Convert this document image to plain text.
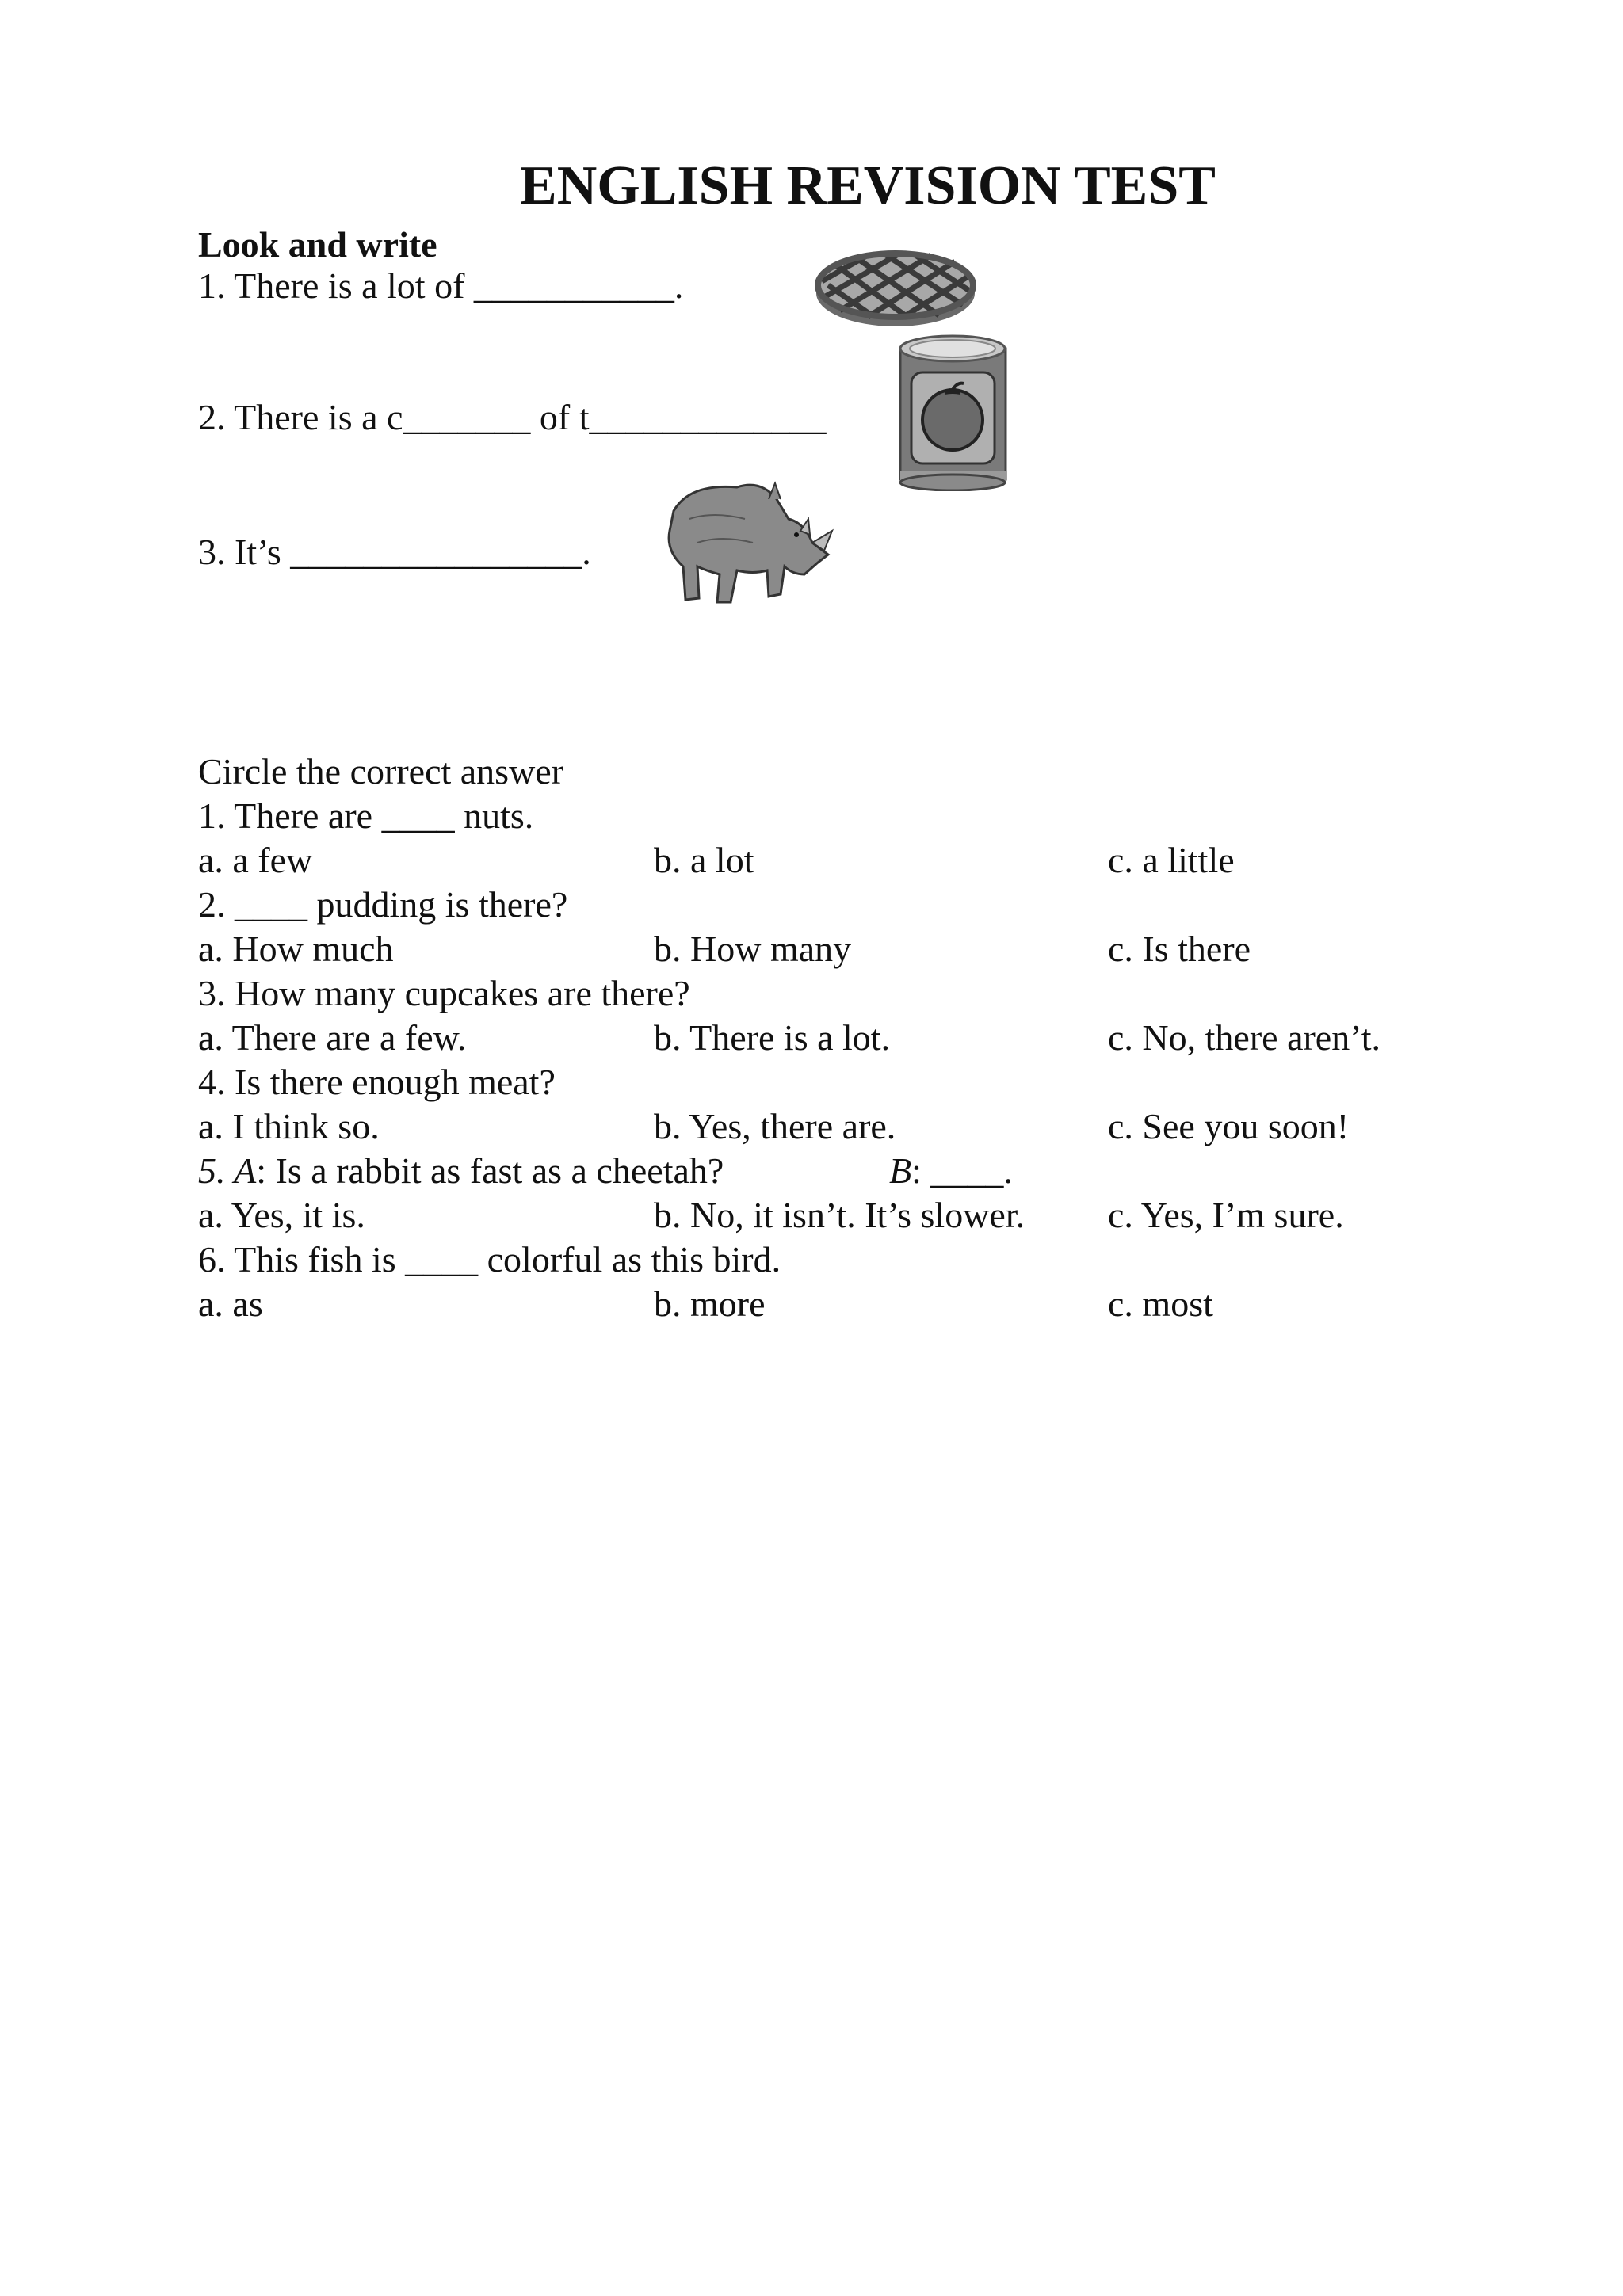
ENGLISH REVISION TEST
Look and write
1. There is a lot of ___________.
2. There is a c_______ of t_____________
3. It’s ________________.
Circle the correct answer
1. There are ____ nuts.
a. a few	b. a lot	c. a little
2. ____ pudding is there?
a. How much	b. How many	c. Is there
3. How many cupcakes are there?
a. There are a few.	b. There is a lot.	c. No, there aren’t.
4. Is there enough meat?
a. I think so.	b. Yes, there are.	c. See you soon!
5. A: Is a rabbit as fast as a cheetah?	B: ____.
a. Yes, it is.	b. No, it isn’t. It’s slower. c. Yes, I’m sure.
6. This fish is ____ colorful as this bird.
a. as	b. more	c. most
